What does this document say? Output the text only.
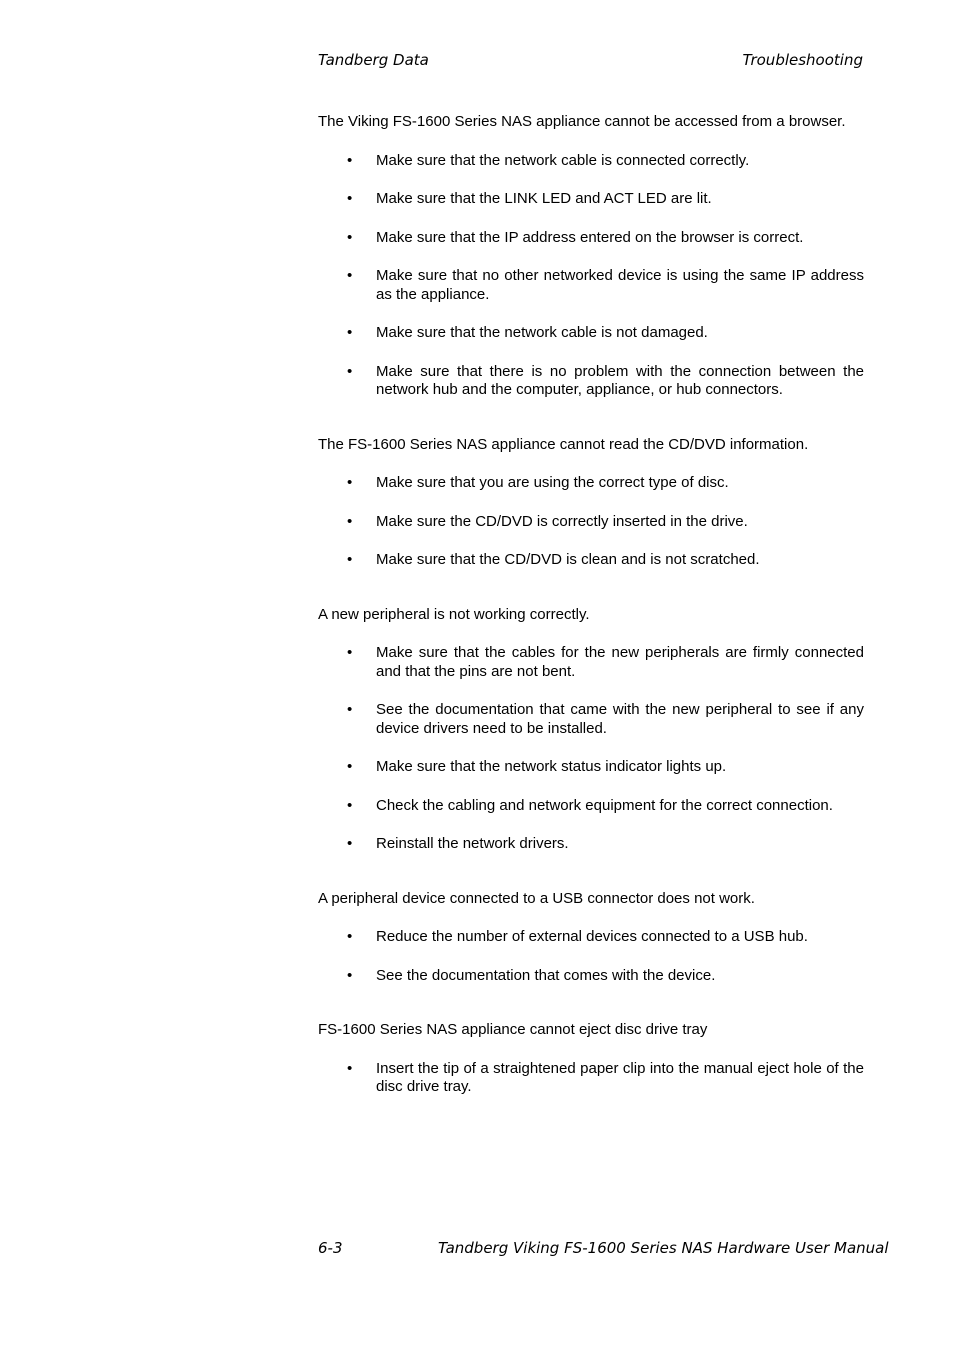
Tandberg Data	Troubleshooting

The Viking FS-1600 Series NAS appliance cannot be accessed from a browser.

• Make sure that the network cable is connected correctly.
• Make sure that the LINK LED and ACT LED are lit.
• Make sure that the IP address entered on the browser is correct.
• Make sure that no other networked device is using the same IP address as the appliance.
• Make sure that the network cable is not damaged.
• Make sure that there is no problem with the connection between the network hub and the computer, appliance, or hub connectors.

The FS-1600 Series NAS appliance cannot read the CD/DVD information.

• Make sure that you are using the correct type of disc.
• Make sure the CD/DVD is correctly inserted in the drive.
• Make sure that the CD/DVD is clean and is not scratched.

A new peripheral is not working correctly.

• Make sure that the cables for the new peripherals are firmly connected and that the pins are not bent.
• See the documentation that came with the new peripheral to see if any device drivers need to be installed.
• Make sure that the network status indicator lights up.
• Check the cabling and network equipment for the correct connection.
• Reinstall the network drivers.

A peripheral device connected to a USB connector does not work.

• Reduce the number of external devices connected to a USB hub.
• See the documentation that comes with the device.

FS-1600 Series NAS appliance cannot eject disc drive tray

• Insert the tip of a straightened paper clip into the manual eject hole of the disc drive tray.
6-3	Tandberg Viking FS-1600 Series NAS Hardware User Manual
